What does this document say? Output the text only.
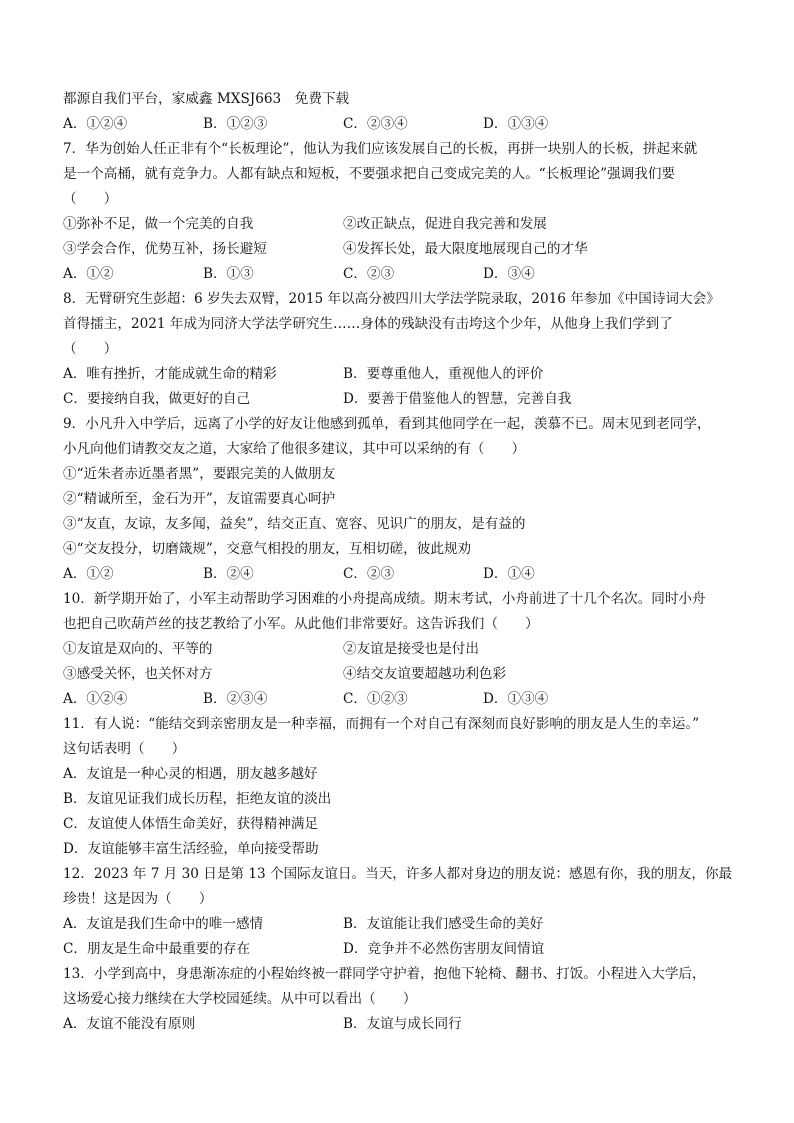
都源自我们平台，家威鑫 MXSJ663　免费下载
A．①②④	B．①②③	C．②③④	D．①③④
7．华为创始人任正非有个“长板理论”，他认为我们应该发展自己的长板，再拼一块别人的长板，拼起来就
是一个高桶，就有竞争力。人都有缺点和短板，不要强求把自己变成完美的人。“长板理论”强调我们要
（　　）
①弥补不足，做一个完美的自我	②改正缺点，促进自我完善和发展
③学会合作，优势互补，扬长避短	④发挥长处，最大限度地展现自己的才华
A．①②	B．①③	C．②③	D．③④
8．无臂研究生彭超：6 岁失去双臂，2015 年以高分被四川大学法学院录取，2016 年参加《中国诗词大会》
首得擂主，2021 年成为同济大学法学研究生……身体的残缺没有击垮这个少年，从他身上我们学到了
（　　）
A．唯有挫折，才能成就生命的精彩	B．要尊重他人，重视他人的评价
C．要接纳自我，做更好的自己	D．要善于借鉴他人的智慧，完善自我
9．小凡升入中学后，远离了小学的好友让他感到孤单，看到其他同学在一起，羡慕不已。周末见到老同学，
小凡向他们请教交友之道，大家给了他很多建议，其中可以采纳的有（　　）
①“近朱者赤近墨者黑”，要跟完美的人做朋友
②“精诚所至，金石为开”，友谊需要真心呵护
③“友直，友谅，友多闻，益矣”，结交正直、宽容、见识广的朋友，是有益的
④“交友投分，切磨箴规”，交意气相投的朋友，互相切磋，彼此规劝
A．①②	B．②④	C．②③	D．①④
10．新学期开始了，小军主动帮助学习困难的小舟提高成绩。期末考试，小舟前进了十几个名次。同时小舟
也把自己吹葫芦丝的技艺教给了小军。从此他们非常要好。这告诉我们（　　）
①友谊是双向的、平等的	②友谊是接受也是付出
③感受关怀，也关怀对方	④结交友谊要超越功利色彩
A．①②④	B．②③④	C．①②③	D．①③④
11．有人说：“能结交到亲密朋友是一种幸福，而拥有一个对自己有深刻而良好影响的朋友是人生的幸运。”
这句话表明（　　）
A．友谊是一种心灵的相遇，朋友越多越好
B．友谊见证我们成长历程，拒绝友谊的淡出
C．友谊使人体悟生命美好，获得精神满足
D．友谊能够丰富生活经验，单向接受帮助
12．2023 年 7 月 30 日是第 13 个国际友谊日。当天，许多人都对身边的朋友说：感恩有你，我的朋友，你最
珍贵！这是因为（　　）
A．友谊是我们生命中的唯一感情	B．友谊能让我们感受生命的美好
C．朋友是生命中最重要的存在	D．竞争并不必然伤害朋友间情谊
13．小学到高中，身患渐冻症的小程始终被一群同学守护着，抱他下轮椅、翻书、打饭。小程进入大学后，
这场爱心接力继续在大学校园延续。从中可以看出（　　）
A．友谊不能没有原则	B．友谊与成长同行
